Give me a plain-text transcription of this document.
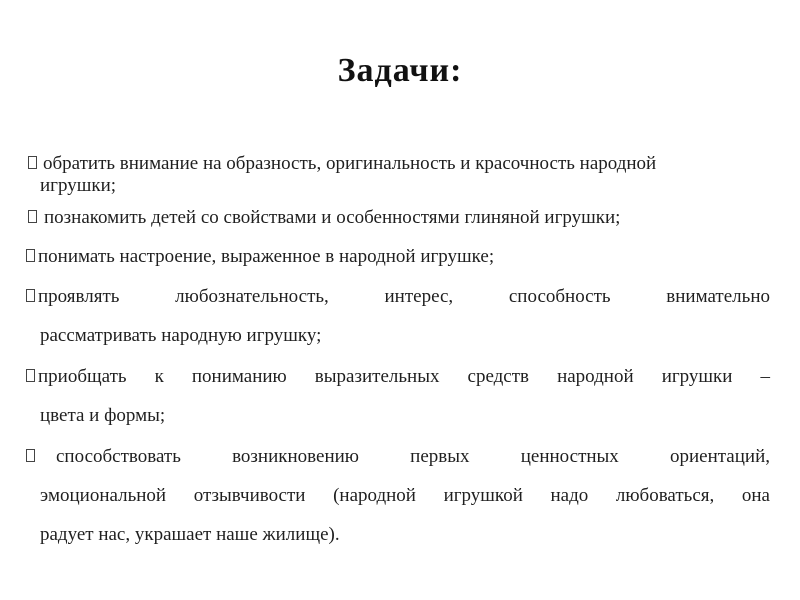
Задачи:
обратить внимание на образность, оригинальность и красочность народной
игрушки;
познакомить детей со свойствами и особенностями глиняной игрушки;
понимать настроение, выраженное в народной игрушке;
проявлять любознательность, интерес, способность внимательно
рассматривать народную игрушку;
приобщать к пониманию выразительных средств народной игрушки –
цвета и формы;
способствовать возникновению первых ценностных ориентаций,
эмоциональной отзывчивости (народной игрушкой надо любоваться, она
радует нас, украшает наше жилище).
